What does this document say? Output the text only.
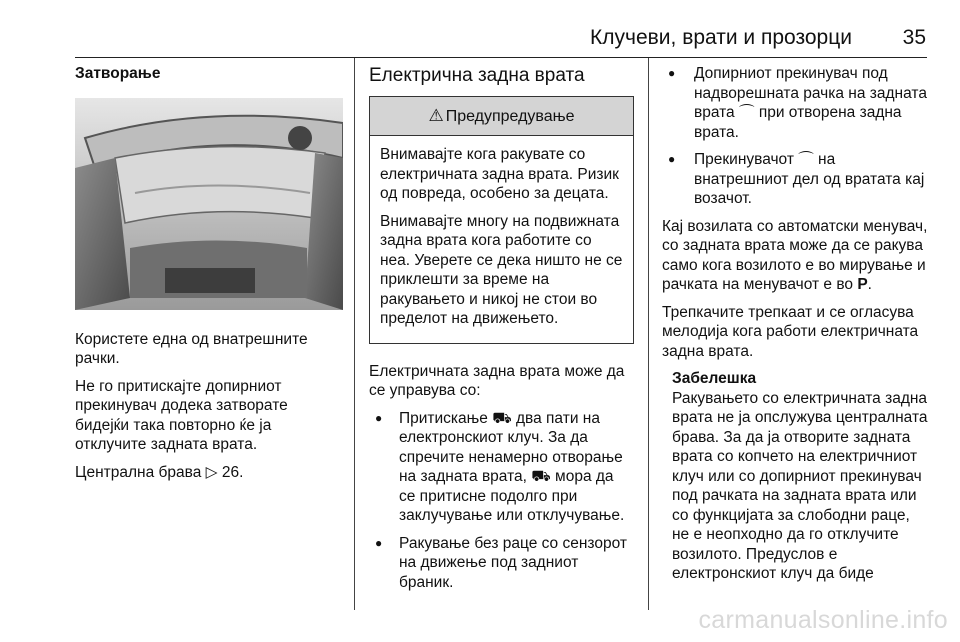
Клучеви, врати и прозорци	35
Затворање

Користете една од внатрешните рачки.

Не го притискајте допирниот прекинувач додека затворате бидејќи така повторно ќе ја отклучите задната врата.

Централна брава ▷ 26.

Електрична задна врата
⚠ Предупредување

Внимавајте кога ракувате со електричната задна врата. Ризик од повреда, особено за децата.

Внимавајте многу на подвижната задна врата кога работите со неа. Уверете се дека ништо не се приклешти за време на ракувањето и никој не стои во пределот на движењето.

Електричната задна врата може да се управува со:

● Притискање ⛟ два пати на електронскиот клуч. За да спречите ненамерно отворање на задната врата, ⛟ мора да се притисне подолго при заклучување или отклучување.
● Ракување без раце со сензорот на движење под задниот браник.
● Допирниот прекинувач под надворешната рачка на задната врата ⌒ при отворена задна врата.
● Прекинувачот ⌒ на внатрешниот дел од вратата кај возачот.

Кај возилата со автоматски менувач, со задната врата може да се ракува само кога возилото е во мирување и рачката на менувачот е во P.

Трепкачите трепкаат и се огласува мелодија кога работи електричната задна врата.

Забелешка
Ракувањето со електричната задна врата не ја опслужува централната брава. За да ја отворите задната врата со копчето на електричниот клуч или со допирниот прекинувач под рачката на задната врата или со функцијата за слободни раце, не е неопходно да го отклучите возилото. Предуслов е електронскиот клуч да биде
carmanualsonline.info
